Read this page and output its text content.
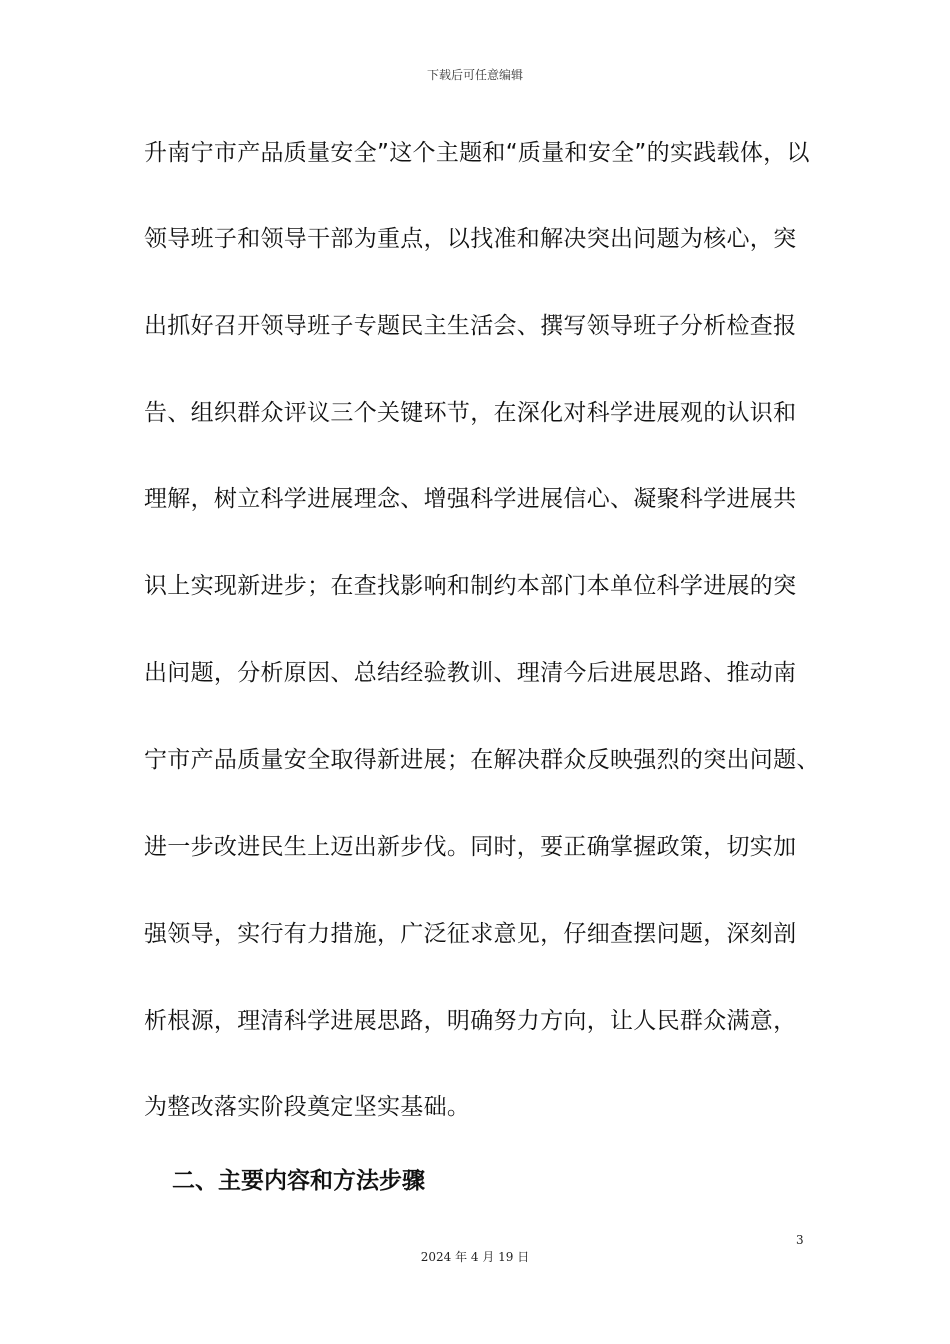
下载后可任意编辑
升南宁市产品质量安全”这个主题和“质量和安全”的实践载体，以
领导班子和领导干部为重点，以找准和解决突出问题为核心，突
出抓好召开领导班子专题民主生活会、撰写领导班子分析检查报
告、组织群众评议三个关键环节，在深化对科学进展观的认识和
理解，树立科学进展理念、增强科学进展信心、凝聚科学进展共
识上实现新进步；在查找影响和制约本部门本单位科学进展的突
出问题，分析原因、总结经验教训、理清今后进展思路、推动南
宁市产品质量安全取得新进展；在解决群众反映强烈的突出问题、
进一步改进民生上迈出新步伐。同时，要正确掌握政策，切实加
强领导，实行有力措施，广泛征求意见，仔细查摆问题，深刻剖
析根源，理清科学进展思路，明确努力方向，让人民群众满意，
为整改落实阶段奠定坚实基础。
二、主要内容和方法步骤
3
2024 年 4 月 19 日
